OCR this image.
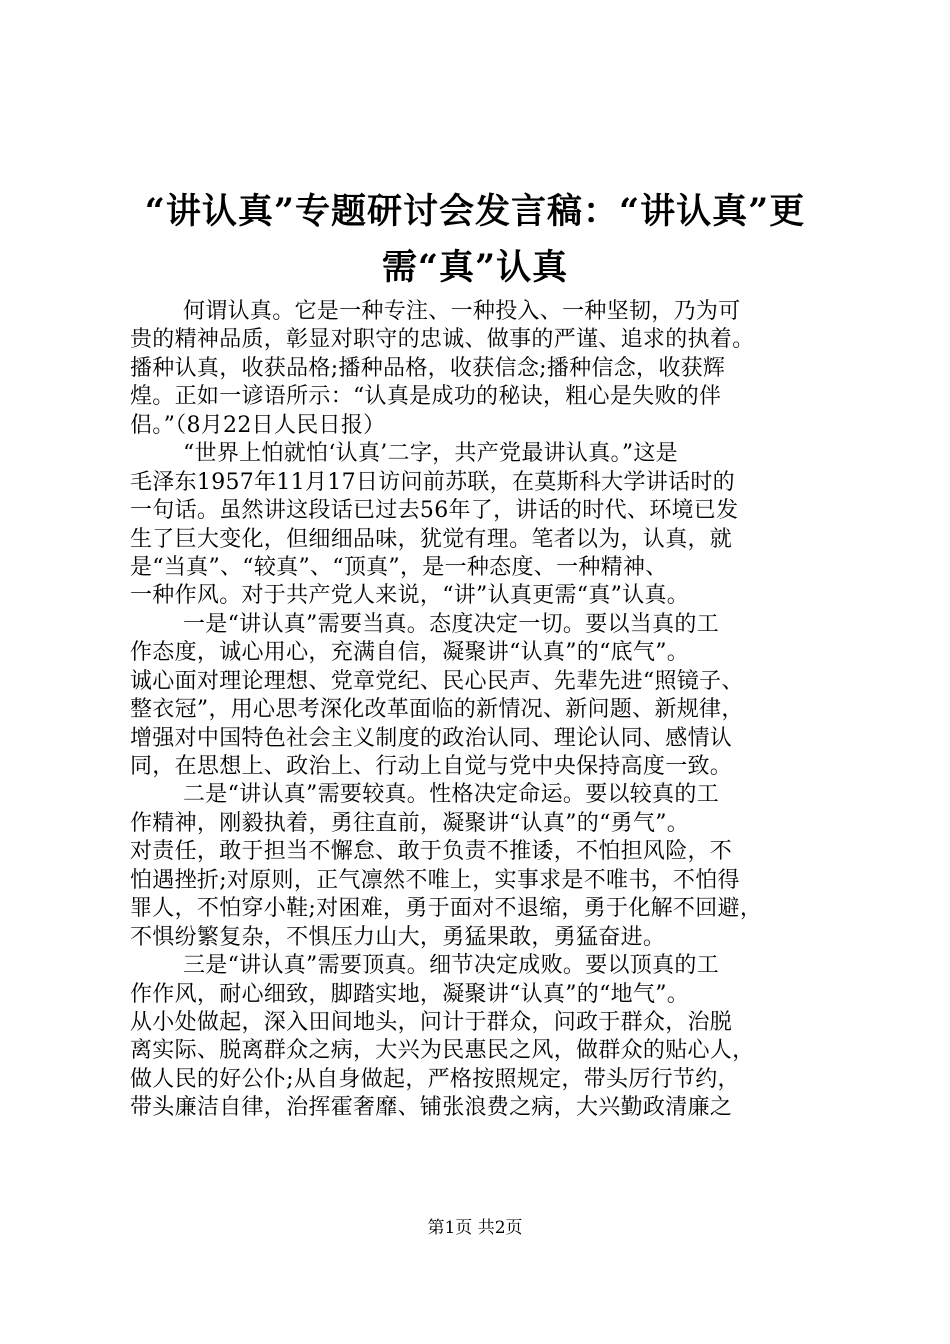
“讲认真”专题研讨会发言稿：“讲认真”更
需“真”认真
何谓认真。它是一种专注、一种投入、一种坚韧，乃为可
贵的精神品质，彰显对职守的忠诚、做事的严谨、追求的执着。
播种认真，收获品格;播种品格，收获信念;播种信念，收获辉
煌。正如一谚语所示：“认真是成功的秘诀，粗心是失败的伴
侣。”（8月22日人民日报）
“世界上怕就怕‘认真’二字，共产党最讲认真。”这是
毛泽东1957年11月17日访问前苏联，在莫斯科大学讲话时的
一句话。虽然讲这段话已过去56年了，讲话的时代、环境已发
生了巨大变化，但细细品味，犹觉有理。笔者以为，认真，就
是“当真”、“较真”、“顶真”，是一种态度、一种精神、
一种作风。对于共产党人来说，“讲”认真更需“真”认真。
一是“讲认真”需要当真。态度决定一切。要以当真的工
作态度，诚心用心，充满自信，凝聚讲“认真”的“底气”。
诚心面对理论理想、党章党纪、民心民声、先辈先进“照镜子、
整衣冠”，用心思考深化改革面临的新情况、新问题、新规律，
增强对中国特色社会主义制度的政治认同、理论认同、感情认
同，在思想上、政治上、行动上自觉与党中央保持高度一致。
二是“讲认真”需要较真。性格决定命运。要以较真的工
作精神，刚毅执着，勇往直前，凝聚讲“认真”的“勇气”。
对责任，敢于担当不懈怠、敢于负责不推诿，不怕担风险，不
怕遇挫折;对原则，正气凛然不唯上，实事求是不唯书，不怕得
罪人，不怕穿小鞋;对困难，勇于面对不退缩，勇于化解不回避，
不惧纷繁复杂，不惧压力山大，勇猛果敢，勇猛奋进。
三是“讲认真”需要顶真。细节决定成败。要以顶真的工
作作风，耐心细致，脚踏实地，凝聚讲“认真”的“地气”。
从小处做起，深入田间地头，问计于群众，问政于群众，治脱
离实际、脱离群众之病，大兴为民惠民之风，做群众的贴心人，
做人民的好公仆;从自身做起，严格按照规定，带头厉行节约，
带头廉洁自律，治挥霍奢靡、铺张浪费之病，大兴勤政清廉之
第1页 共2页
